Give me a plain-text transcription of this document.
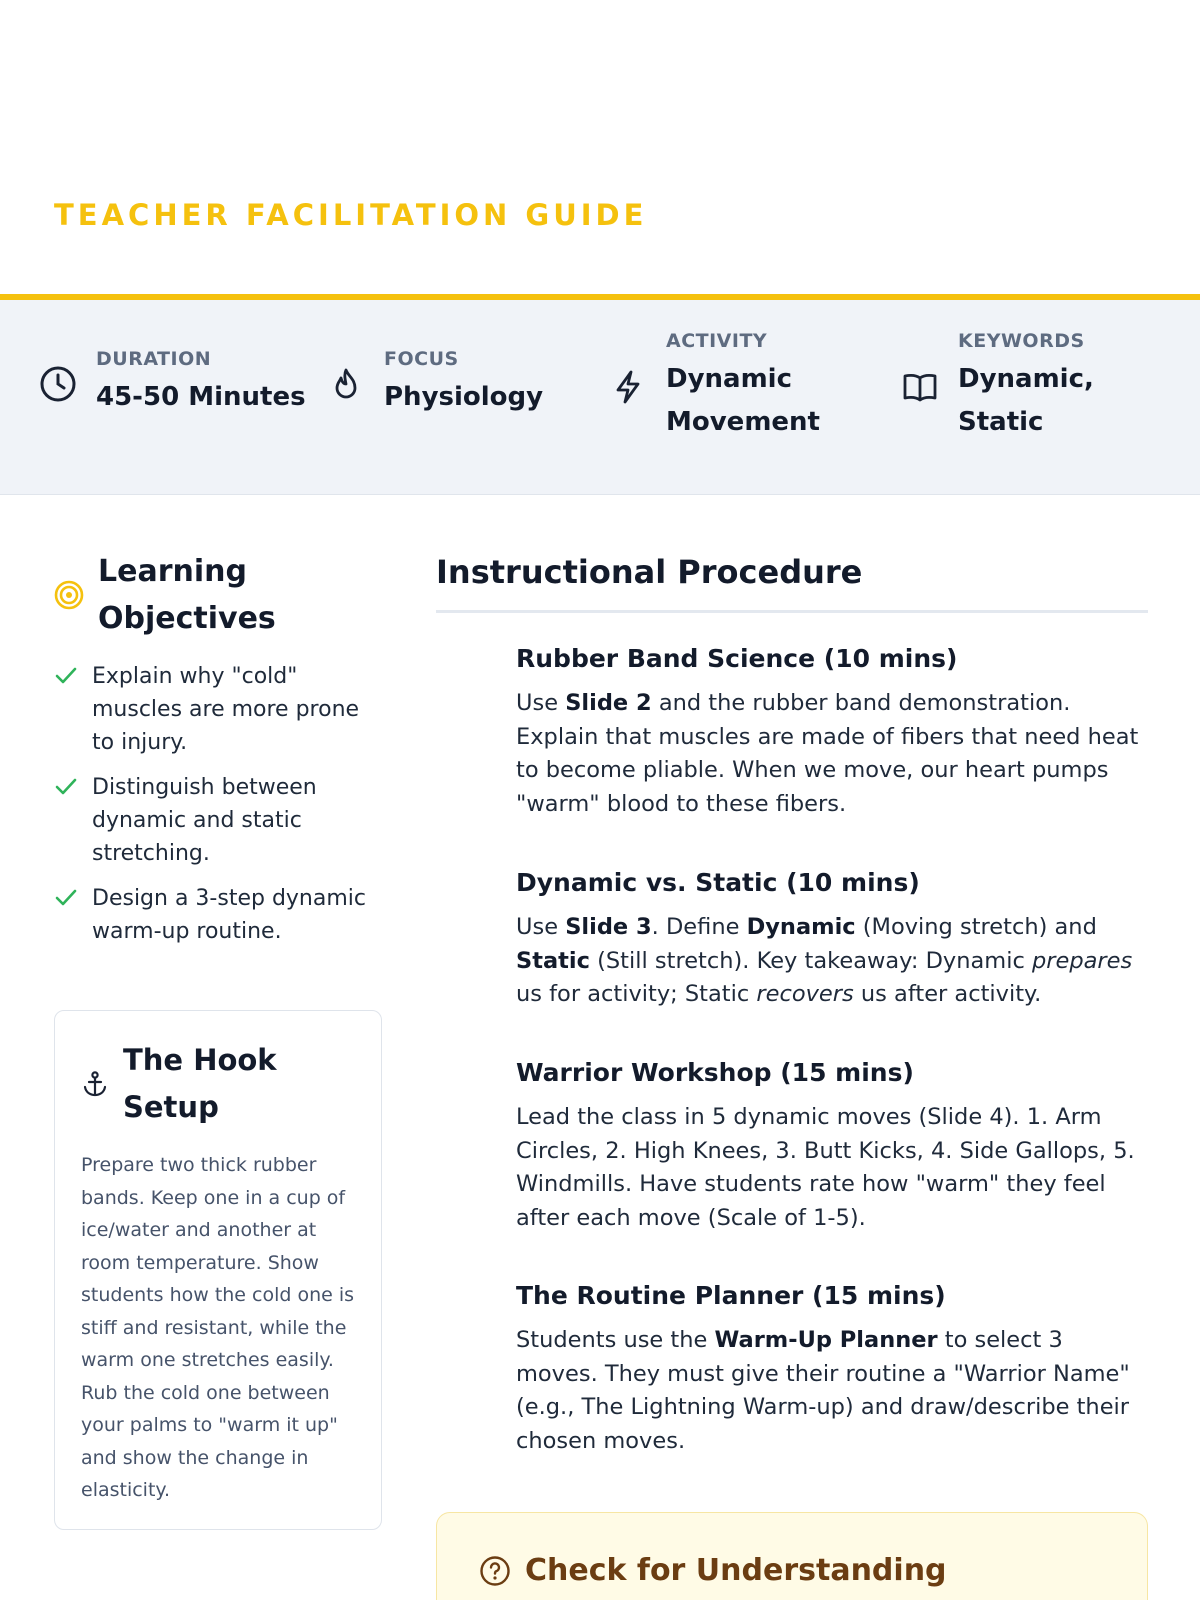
TEACHER FACILITATION GUIDE
DURATION
45-50 Minutes
FOCUS
Physiology
ACTIVITY
Dynamic Movement
KEYWORDS
Dynamic, Static
Learning Objectives
Explain why "cold" muscles are more prone to injury.
Distinguish between dynamic and static stretching.
Design a 3-step dynamic warm-up routine.
The Hook Setup

Prepare two thick rubber bands. Keep one in a cup of ice/water and another at room temperature. Show students how the cold one is stiff and resistant, while the warm one stretches easily. Rub the cold one between your palms to "warm it up" and show the change in elasticity.

Instructional Procedure
Rubber Band Science (10 mins)

Use Slide 2 and the rubber band demonstration. Explain that muscles are made of fibers that need heat to become pliable. When we move, our heart pumps "warm" blood to these fibers.

Dynamic vs. Static (10 mins)

Use Slide 3. Define Dynamic (Moving stretch) and Static (Still stretch). Key takeaway: Dynamic prepares us for activity; Static recovers us after activity.

Warrior Workshop (15 mins)

Lead the class in 5 dynamic moves (Slide 4). 1. Arm Circles, 2. High Knees, 3. Butt Kicks, 4. Side Gallops, 5. Windmills. Have students rate how "warm" they feel after each move (Scale of 1-5).

The Routine Planner (15 mins)

Students use the Warm-Up Planner to select 3 moves. They must give their routine a "Warrior Name" (e.g., The Lightning Warm-up) and draw/describe their chosen moves.

Check for Understanding
